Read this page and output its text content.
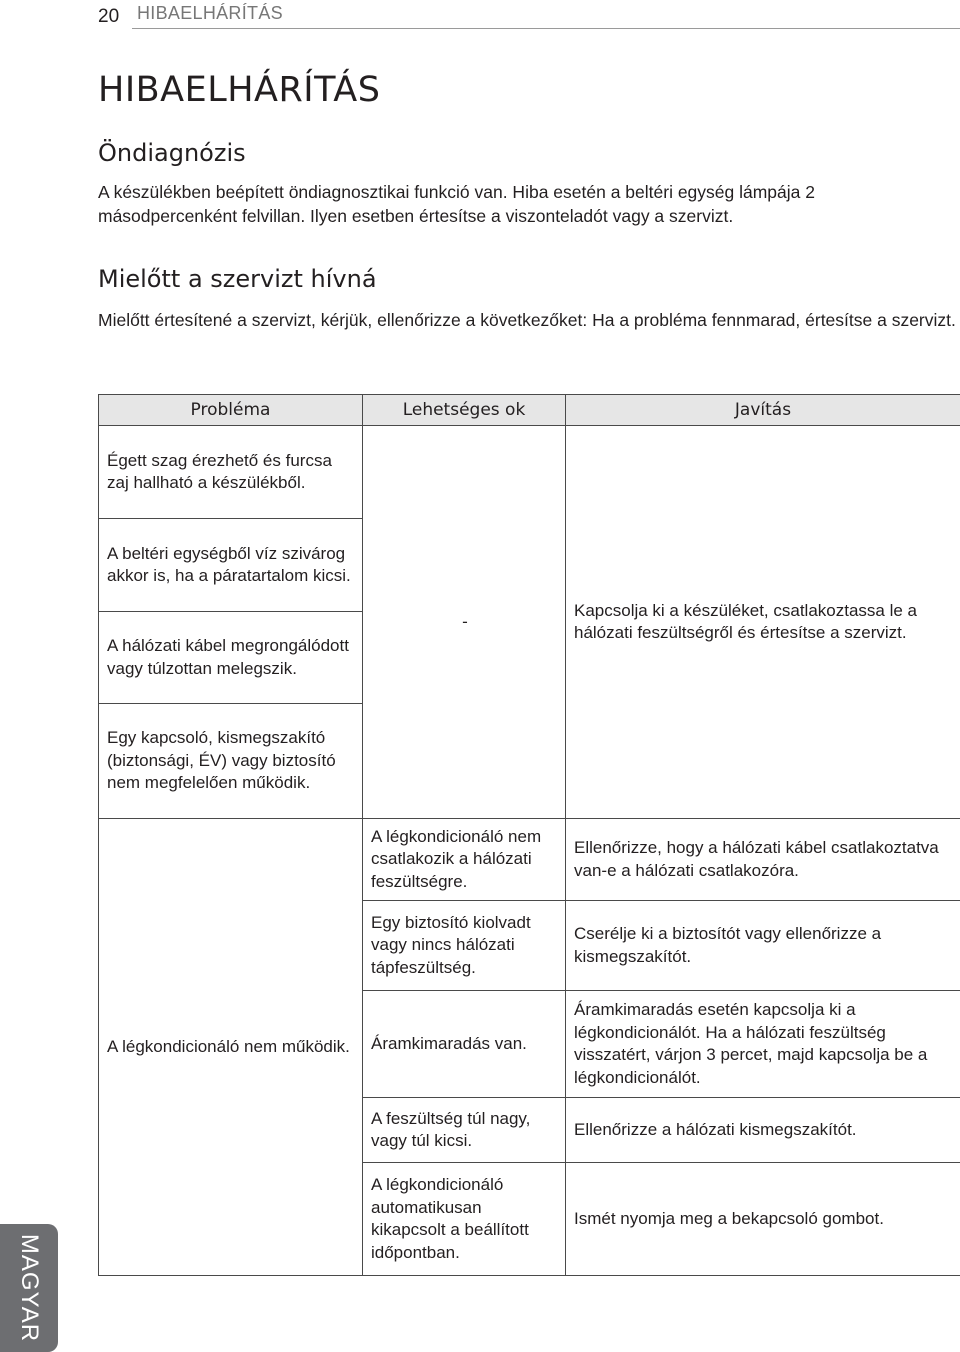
20 HIBAELHÁRÍTÁS
HIBAELHÁRÍTÁS
Öndiagnózis

A készülékben beépített öndiagnosztikai funkció van. Hiba esetén a beltéri egység lámpája 2 másodpercenként felvillan. Ilyen esetben értesítse a viszonteladót vagy a szervizt.

Mielőtt a szervizt hívná

Mielőtt értesítené a szervizt, kérjük, ellenőrizze a következőket: Ha a probléma fennmarad, értesítse a szervizt.

Probléma	Lehetséges ok	Javítás
Égett szag érezhető és furcsa zaj hallható a készülékből.	-	Kapcsolja ki a készüléket, csatlakoztassa le a hálózati feszültségről és értesítse a szervizt.
A beltéri egységből víz szivárog akkor is, ha a páratartalom kicsi.		
A hálózati kábel megrongálódott vagy túlzottan melegszik.		
Egy kapcsoló, kismegszakító (biztonsági, ÉV) vagy biztosító nem megfelelően működik.		
A légkondicionáló nem működik.	A légkondicionáló nem csatlakozik a hálózati feszültségre.	Ellenőrizze, hogy a hálózati kábel csatlakoztatva van-e a hálózati csatlakozóra.
	Egy biztosító kiolvadt vagy nincs hálózati tápfeszültség.	Cserélje ki a biztosítót vagy ellenőrizze a kismegszakítót.
	Áramkimaradás van.	Áramkimaradás esetén kapcsolja ki a légkondicionálót. Ha a hálózati feszültség visszatért, várjon 3 percet, majd kapcsolja be a légkondicionálót.
	A feszültség túl nagy, vagy túl kicsi.	Ellenőrizze a hálózati kismegszakítót.
	A légkondicionáló automatikusan kikapcsolt a beállított időpontban.	Ismét nyomja meg a bekapcsoló gombot.
MAGYAR
